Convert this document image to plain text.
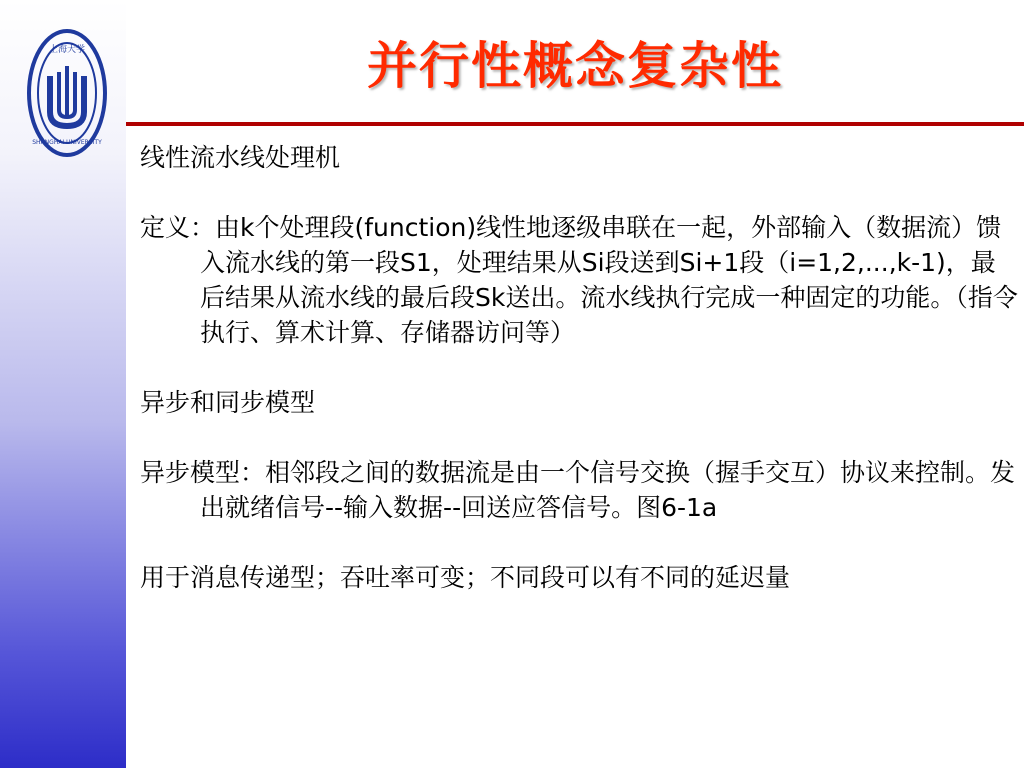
上海大学
SHANGHAI UNIVERSITY
并行性概念复杂性

线性流水线处理机

定义：由k个处理段(function)线性地逐级串联在一起，外部输入（数据流）馈入流水线的第一段S1，处理结果从Si段送到Si+1段（i=1,2,...,k-1)，最后结果从流水线的最后段Sk送出。流水线执行完成一种固定的功能。（指令执行、算术计算、存储器访问等）

异步和同步模型

异步模型：相邻段之间的数据流是由一个信号交换（握手交互）协议来控制。发出就绪信号--输入数据--回送应答信号。图6-1a

用于消息传递型；吞吐率可变；不同段可以有不同的延迟量
